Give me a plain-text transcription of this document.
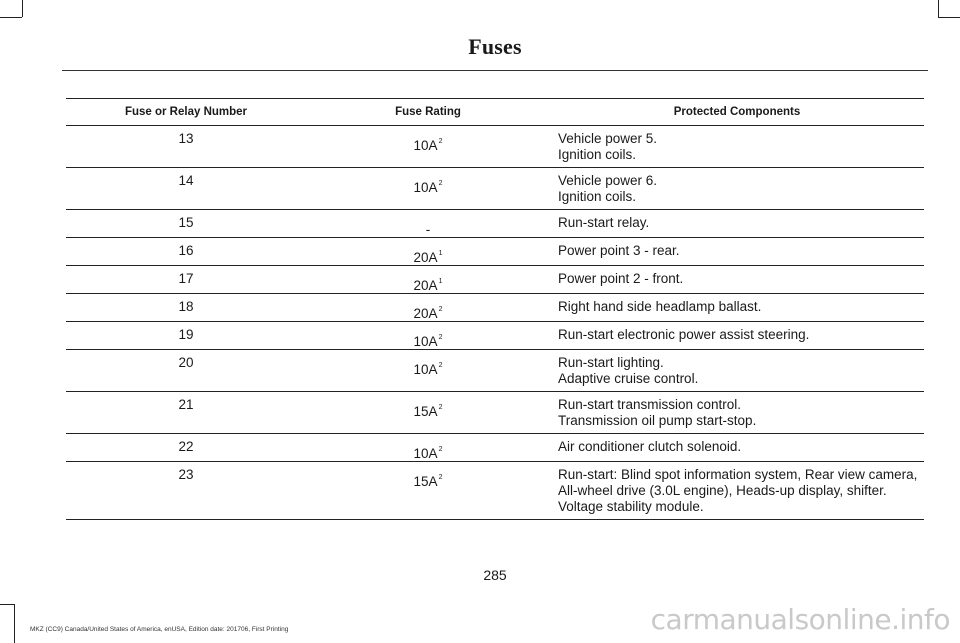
Fuses
Fuse or Relay Number	Fuse Rating	Protected Components

13	$10A^2$	Vehicle power 5.
Ignition coils.

14	$10A^2$	Vehicle power 6.
Ignition coils.

15	-	Run-start relay.

16	$20A^1$	Power point 3 - rear.

17	$20A^1$	Power point 2 - front.

18	$20A^2$	Right hand side headlamp ballast.

19	$10A^2$	Run-start electronic power assist steering.

20	$10A^2$	Run-start lighting.
Adaptive cruise control.

21	$15A^2$	Run-start transmission control.
Transmission oil pump start-stop.

22	$10A^2$	Air conditioner clutch solenoid.

23	$15A^2$	Run-start: Blind spot information system, Rear view camera,
All-wheel drive (3.0L engine), Heads-up display, shifter.
Voltage stability module.
285
MKZ (CC9) Canada/United States of America, enUSA, Edition date: 201706, First Printing	carmanualsonline.info
